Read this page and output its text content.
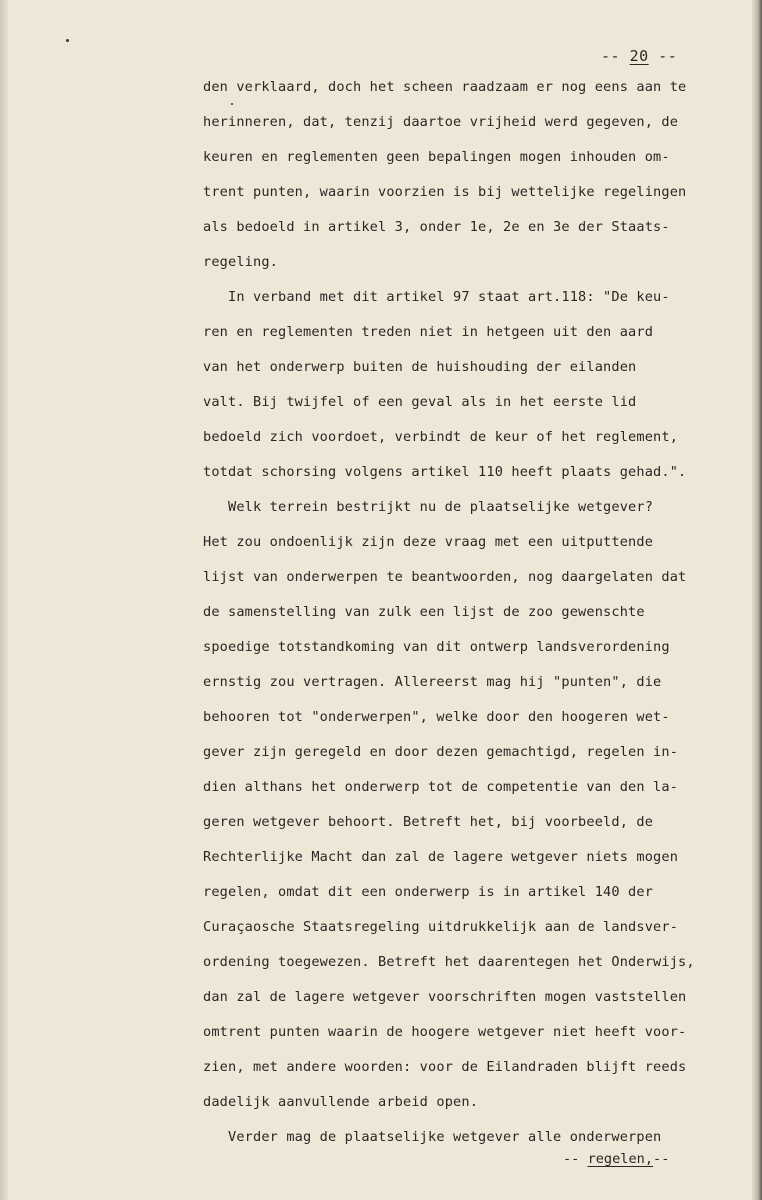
-- 20 --
den verklaard, doch het scheen raadzaam er nog eens aan te
herinneren, dat, tenzij daartoe vrijheid werd gegeven, de
keuren en reglementen geen bepalingen mogen inhouden om-
trent punten, waarin voorzien is bij wettelijke regelingen
als bedoeld in artikel 3, onder 1e, 2e en 3e der Staats-
regeling.
In verband met dit artikel 97 staat art.118: "De keu-
ren en reglementen treden niet in hetgeen uit den aard
van het onderwerp buiten de huishouding der eilanden
valt. Bij twijfel of een geval als in het eerste lid
bedoeld zich voordoet, verbindt de keur of het reglement,
totdat schorsing volgens artikel 110 heeft plaats gehad.".
Welk terrein bestrijkt nu de plaatselijke wetgever?
Het zou ondoenlijk zijn deze vraag met een uitputtende
lijst van onderwerpen te beantwoorden, nog daargelaten dat
de samenstelling van zulk een lijst de zoo gewenschte
spoedige totstandkoming van dit ontwerp landsverordening
ernstig zou vertragen. Allereerst mag hij "punten", die
behooren tot "onderwerpen", welke door den hoogeren wet-
gever zijn geregeld en door dezen gemachtigd, regelen in-
dien althans het onderwerp tot de competentie van den la-
geren wetgever behoort. Betreft het, bij voorbeeld, de
Rechterlijke Macht dan zal de lagere wetgever niets mogen
regelen, omdat dit een onderwerp is in artikel 140 der
Curaçaosche Staatsregeling uitdrukkelijk aan de landsver-
ordening toegewezen. Betreft het daarentegen het Onderwijs,
dan zal de lagere wetgever voorschriften mogen vaststellen
omtrent punten waarin de hoogere wetgever niet heeft voor-
zien, met andere woorden: voor de Eilandraden blijft reeds
dadelijk aanvullende arbeid open.
Verder mag de plaatselijke wetgever alle onderwerpen
-- regelen,--
